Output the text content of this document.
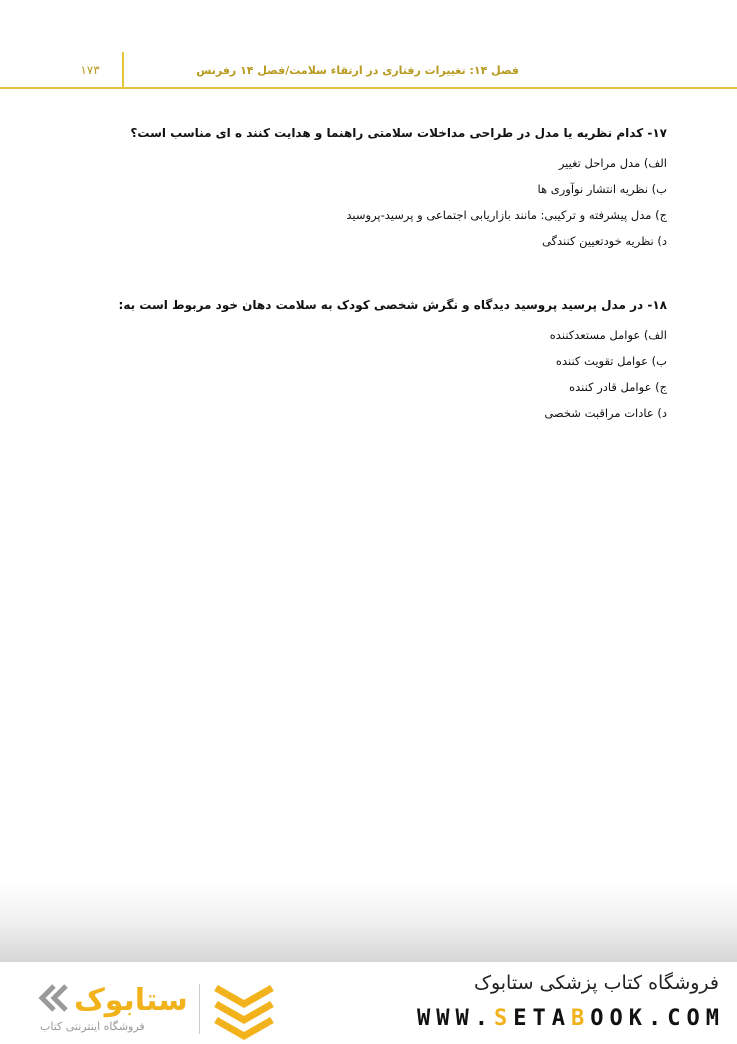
۱۷۳	فصل ۱۴: تغییرات رفتاری در ارتقاء سلامت/فصل ۱۴ رفرنس
۱۷- کدام نظریه یا مدل در طراحی مداخلات سلامتی راهنما و هدایت کنند ه ای مناسب است؟
الف) مدل مراحل تغییر
ب) نظریه انتشار نوآوری ها
ج) مدل پیشرفته و ترکیبی: مانند بازاریابی اجتماعی و پرسید-پروسید
د) نظریه خودتعیین کنندگی
۱۸- در مدل پرسید پروسید دیدگاه و نگرش شخصی کودک به سلامت دهان خود مربوط است به:
الف) عوامل مستعدکننده
ب) عوامل تقویت کننده
ج) عوامل قادر کننده
د) عادات مراقبت شخصی
فروشگاه کتاب پزشکی ستابوک
WWW.SETABOOK.COM
ستابوک
فروشگاه اینترنتی کتاب
